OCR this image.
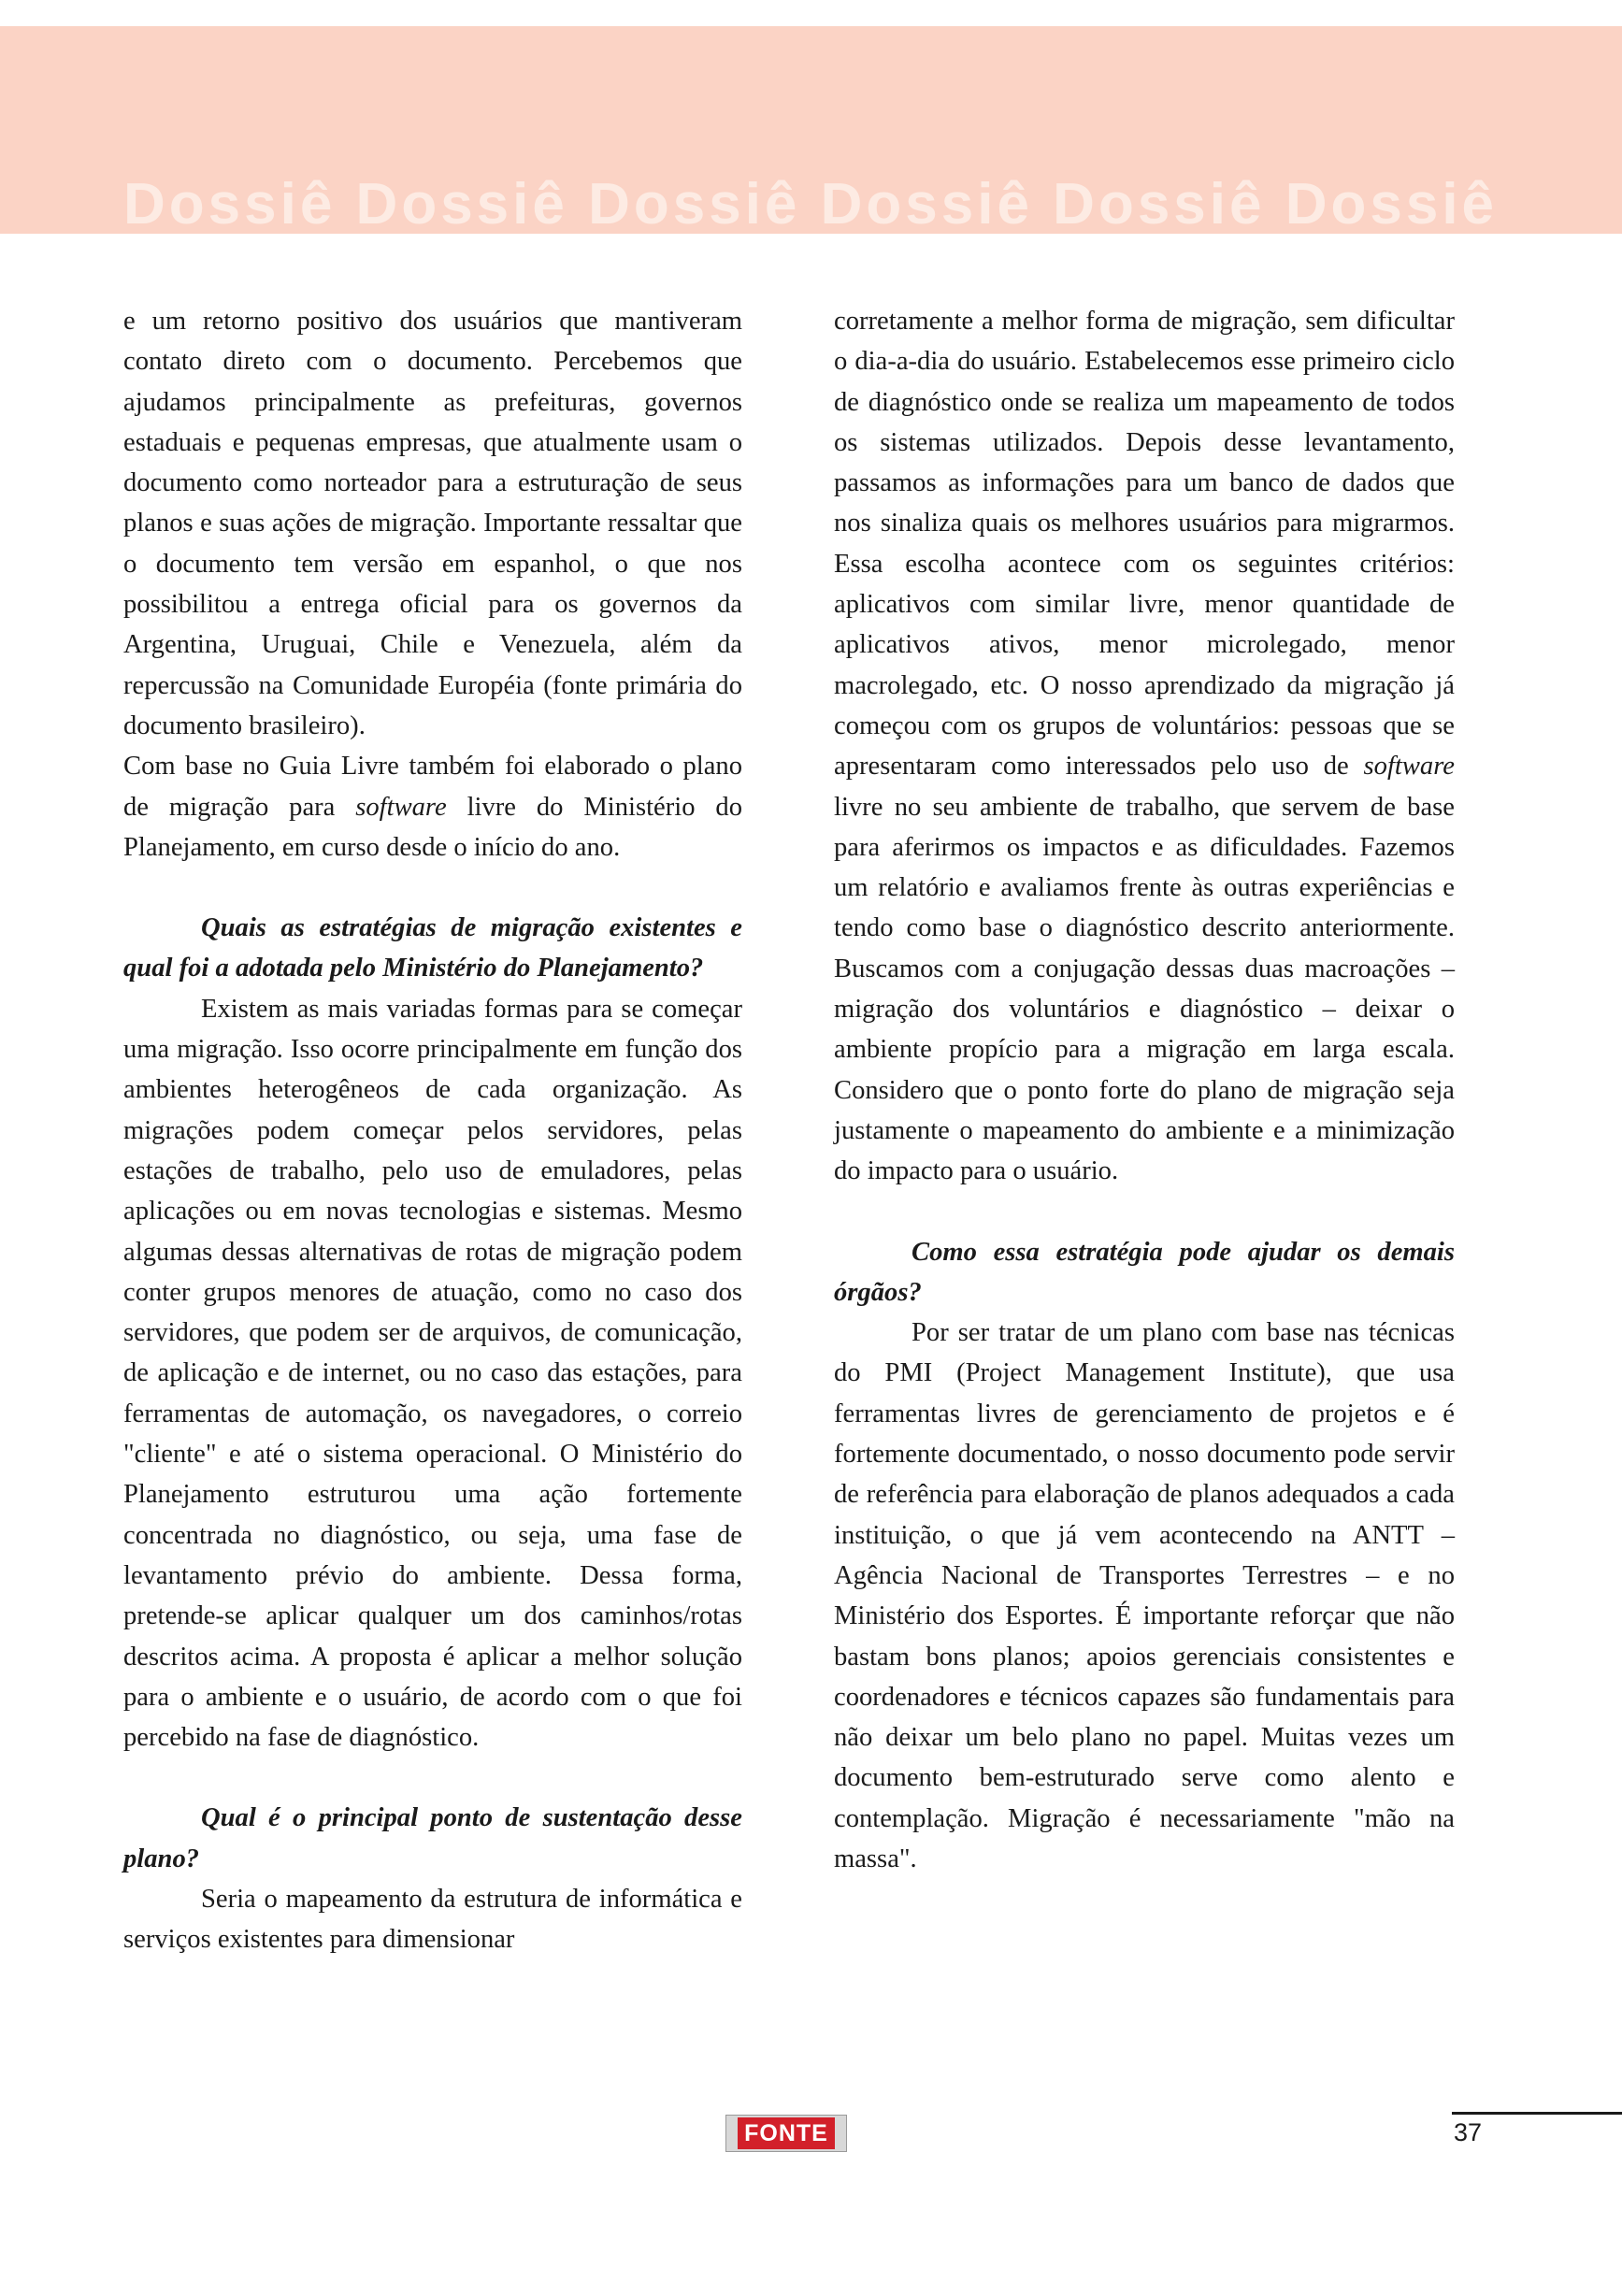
Dossiê Dossiê Dossiê Dossiê Dossiê Dossiê

e um retorno positivo dos usuários que mantiveram contato direto com o documento. Percebemos que ajudamos principalmente as prefeituras, governos estaduais e pequenas empresas, que atualmente usam o documento como norteador para a estruturação de seus planos e suas ações de migração. Importante ressaltar que o documento tem versão em espanhol, o que nos possibilitou a entrega oficial para os governos da Argentina, Uruguai, Chile e Venezuela, além da repercussão na Comunidade Européia (fonte primária do documento brasileiro).

Com base no Guia Livre também foi elaborado o plano de migração para software livre do Ministério do Planejamento, em curso desde o início do ano.

Quais as estratégias de migração existentes e qual foi a adotada pelo Ministério do Planejamento?

Existem as mais variadas formas para se começar uma migração. Isso ocorre principalmente em função dos ambientes heterogêneos de cada organização. As migrações podem começar pelos servidores, pelas estações de trabalho, pelo uso de emuladores, pelas aplicações ou em novas tecnologias e sistemas. Mesmo algumas dessas alternativas de rotas de migração podem conter grupos menores de atuação, como no caso dos servidores, que podem ser de arquivos, de comunicação, de aplicação e de internet, ou no caso das estações, para ferramentas de automação, os navegadores, o correio "cliente" e até o sistema operacional. O Ministério do Planejamento estruturou uma ação fortemente concentrada no diagnóstico, ou seja, uma fase de levantamento prévio do ambiente. Dessa forma, pretende-se aplicar qualquer um dos caminhos/rotas descritos acima. A proposta é aplicar a melhor solução para o ambiente e o usuário, de acordo com o que foi percebido na fase de diagnóstico.

Qual é o principal ponto de sustentação desse plano?

Seria o mapeamento da estrutura de informática e serviços existentes para dimensionar

corretamente a melhor forma de migração, sem dificultar o dia-a-dia do usuário. Estabelecemos esse primeiro ciclo de diagnóstico onde se realiza um mapeamento de todos os sistemas utilizados. Depois desse levantamento, passamos as informações para um banco de dados que nos sinaliza quais os melhores usuários para migrarmos. Essa escolha acontece com os seguintes critérios: aplicativos com similar livre, menor quantidade de aplicativos ativos, menor microlegado, menor macrolegado, etc. O nosso aprendizado da migração já começou com os grupos de voluntários: pessoas que se apresentaram como interessados pelo uso de software livre no seu ambiente de trabalho, que servem de base para aferirmos os impactos e as dificuldades. Fazemos um relatório e avaliamos frente às outras experiências e tendo como base o diagnóstico descrito anteriormente. Buscamos com a conjugação dessas duas macroações – migração dos voluntários e diagnóstico – deixar o ambiente propício para a migração em larga escala. Considero que o ponto forte do plano de migração seja justamente o mapeamento do ambiente e a minimização do impacto para o usuário.

Como essa estratégia pode ajudar os demais órgãos?

Por ser tratar de um plano com base nas técnicas do PMI (Project Management Institute), que usa ferramentas livres de gerenciamento de projetos e é fortemente documentado, o nosso documento pode servir de referência para elaboração de planos adequados a cada instituição, o que já vem acontecendo na ANTT – Agência Nacional de Transportes Terrestres – e no Ministério dos Esportes. É importante reforçar que não bastam bons planos; apoios gerenciais consistentes e coordenadores e técnicos capazes são fundamentais para não deixar um belo plano no papel. Muitas vezes um documento bem-estruturado serve como alento e contemplação. Migração é necessariamente "mão na massa".

FONTE	37
